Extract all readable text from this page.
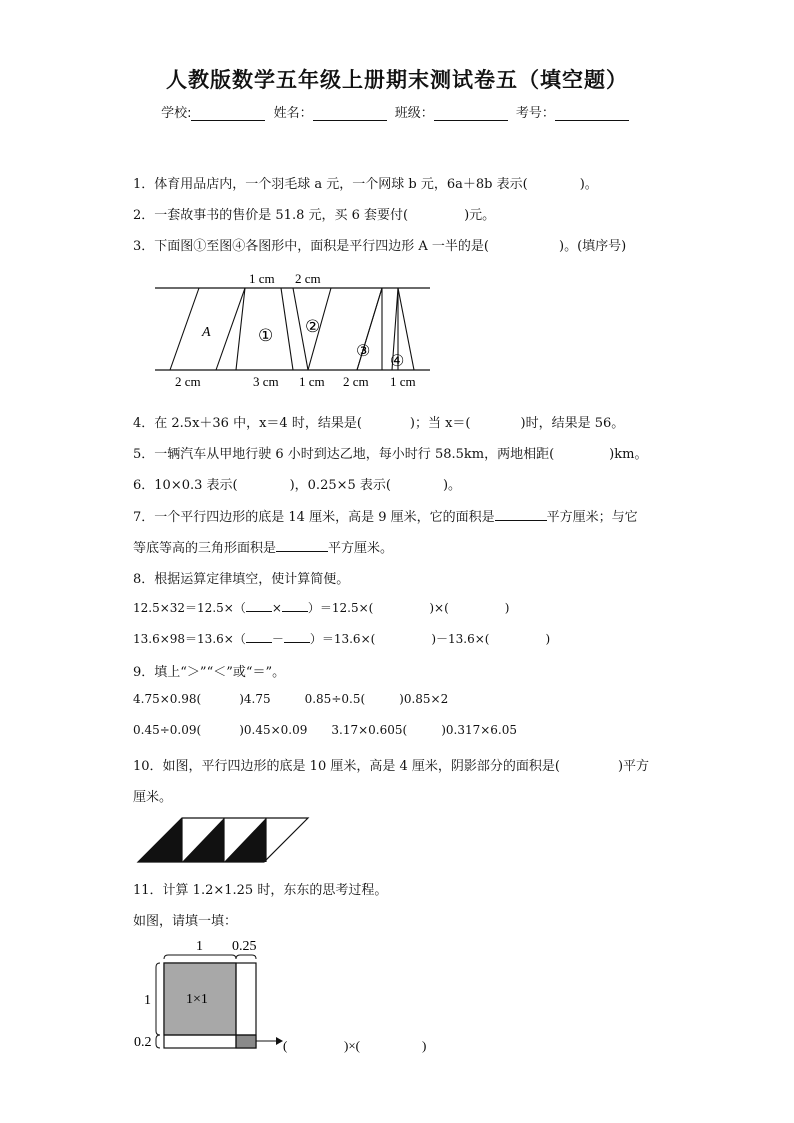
人教版数学五年级上册期末测试卷五（填空题）
学校:	姓名：	班级：	考号：
1．体育用品店内，一个羽毛球 a 元，一个网球 b 元，6a＋8b 表示(	)。
2．一套故事书的售价是 51.8 元，买 6 套要付(	)元。
3．下面图①至图④各图形中，面积是平行四边形 A 一半的是(	)。(填序号)
1 cm 2 cm
2 cm	3 cm 1 cm 2 cm 1 cm
A	① ②
③
④
4．在 2.5x＋36 中，x＝4 时，结果是(	)；当 x＝(	)时，结果是 56。
5．一辆汽车从甲地行驶 6 小时到达乙地，每小时行 58.5km，两地相距(	)km。
6．10×0.3 表示(	)，0.25×5 表示(	)。
7．一个平行四边形的底是 14 厘米，高是 9 厘米，它的面积是	平方厘米；与它
等底等高的三角形面积是	平方厘米。
8．根据运算定律填空，使计算简便。
12.5×32＝12.5×（ × ）＝12.5×(	)×(	)
13.6×98＝13.6×（ － ）＝13.6×(	)－13.6×(	)
9．填上“＞”“＜”或“＝”。
4.75×0.98(	)4.75	0.85÷0.5(	)0.85×2
0.45÷0.09(	)0.45×0.09 3.17×0.605(	)0.317×6.05
10．如图，平行四边形的底是 10 厘米，高是 4 厘米，阴影部分的面积是(	)平方
厘米。
11．计算 1.2×1.25 时，东东的思考过程。
如图，请填一填：
1 0.25
1
0.2
1×1
(	)×(	)
